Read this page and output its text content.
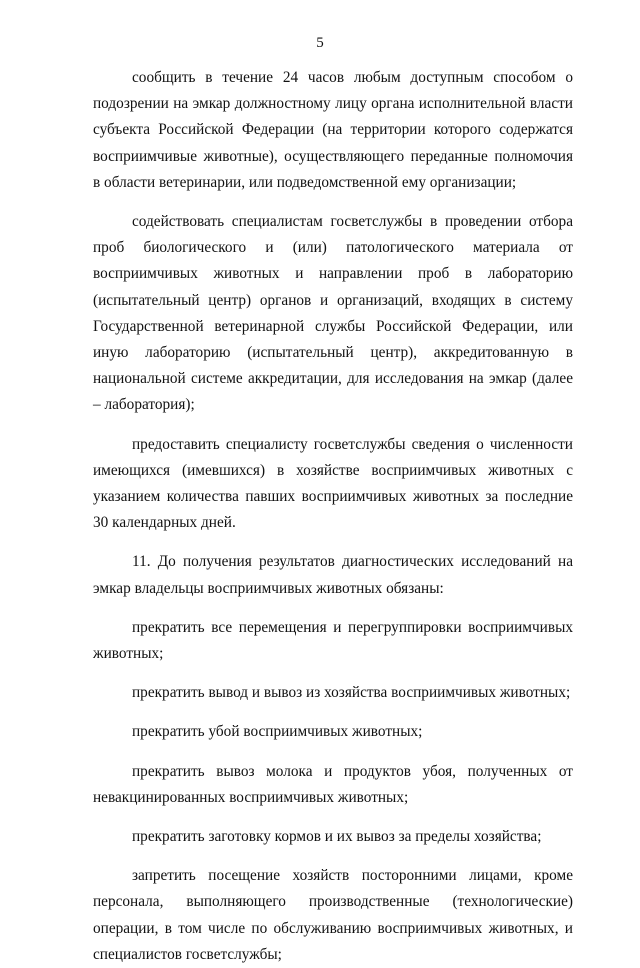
5

сообщить в течение 24 часов любым доступным способом о подозрении на эмкар должностному лицу органа исполнительной власти субъекта Российской Федерации (на территории которого содержатся восприимчивые животные), осуществляющего переданные полномочия в области ветеринарии, или подведомственной ему организации;

содействовать специалистам госветслужбы в проведении отбора проб биологического и (или) патологического материала от восприимчивых животных и направлении проб в лабораторию (испытательный центр) органов и организаций, входящих в систему Государственной ветеринарной службы Российской Федерации, или иную лабораторию (испытательный центр), аккредитованную в национальной системе аккредитации, для исследования на эмкар (далее – лаборатория);

предоставить специалисту госветслужбы сведения о численности имеющихся (имевшихся) в хозяйстве восприимчивых животных с указанием количества павших восприимчивых животных за последние 30 календарных дней.

11. До получения результатов диагностических исследований на эмкар владельцы восприимчивых животных обязаны:

прекратить все перемещения и перегруппировки восприимчивых животных;

прекратить вывод и вывоз из хозяйства восприимчивых животных;

прекратить убой восприимчивых животных;

прекратить вывоз молока и продуктов убоя, полученных от невакцинированных восприимчивых животных;

прекратить заготовку кормов и их вывоз за пределы хозяйства;

запретить посещение хозяйств посторонними лицами, кроме персонала, выполняющего производственные (технологические) операции, в том числе по обслуживанию восприимчивых животных, и специалистов госветслужбы;
